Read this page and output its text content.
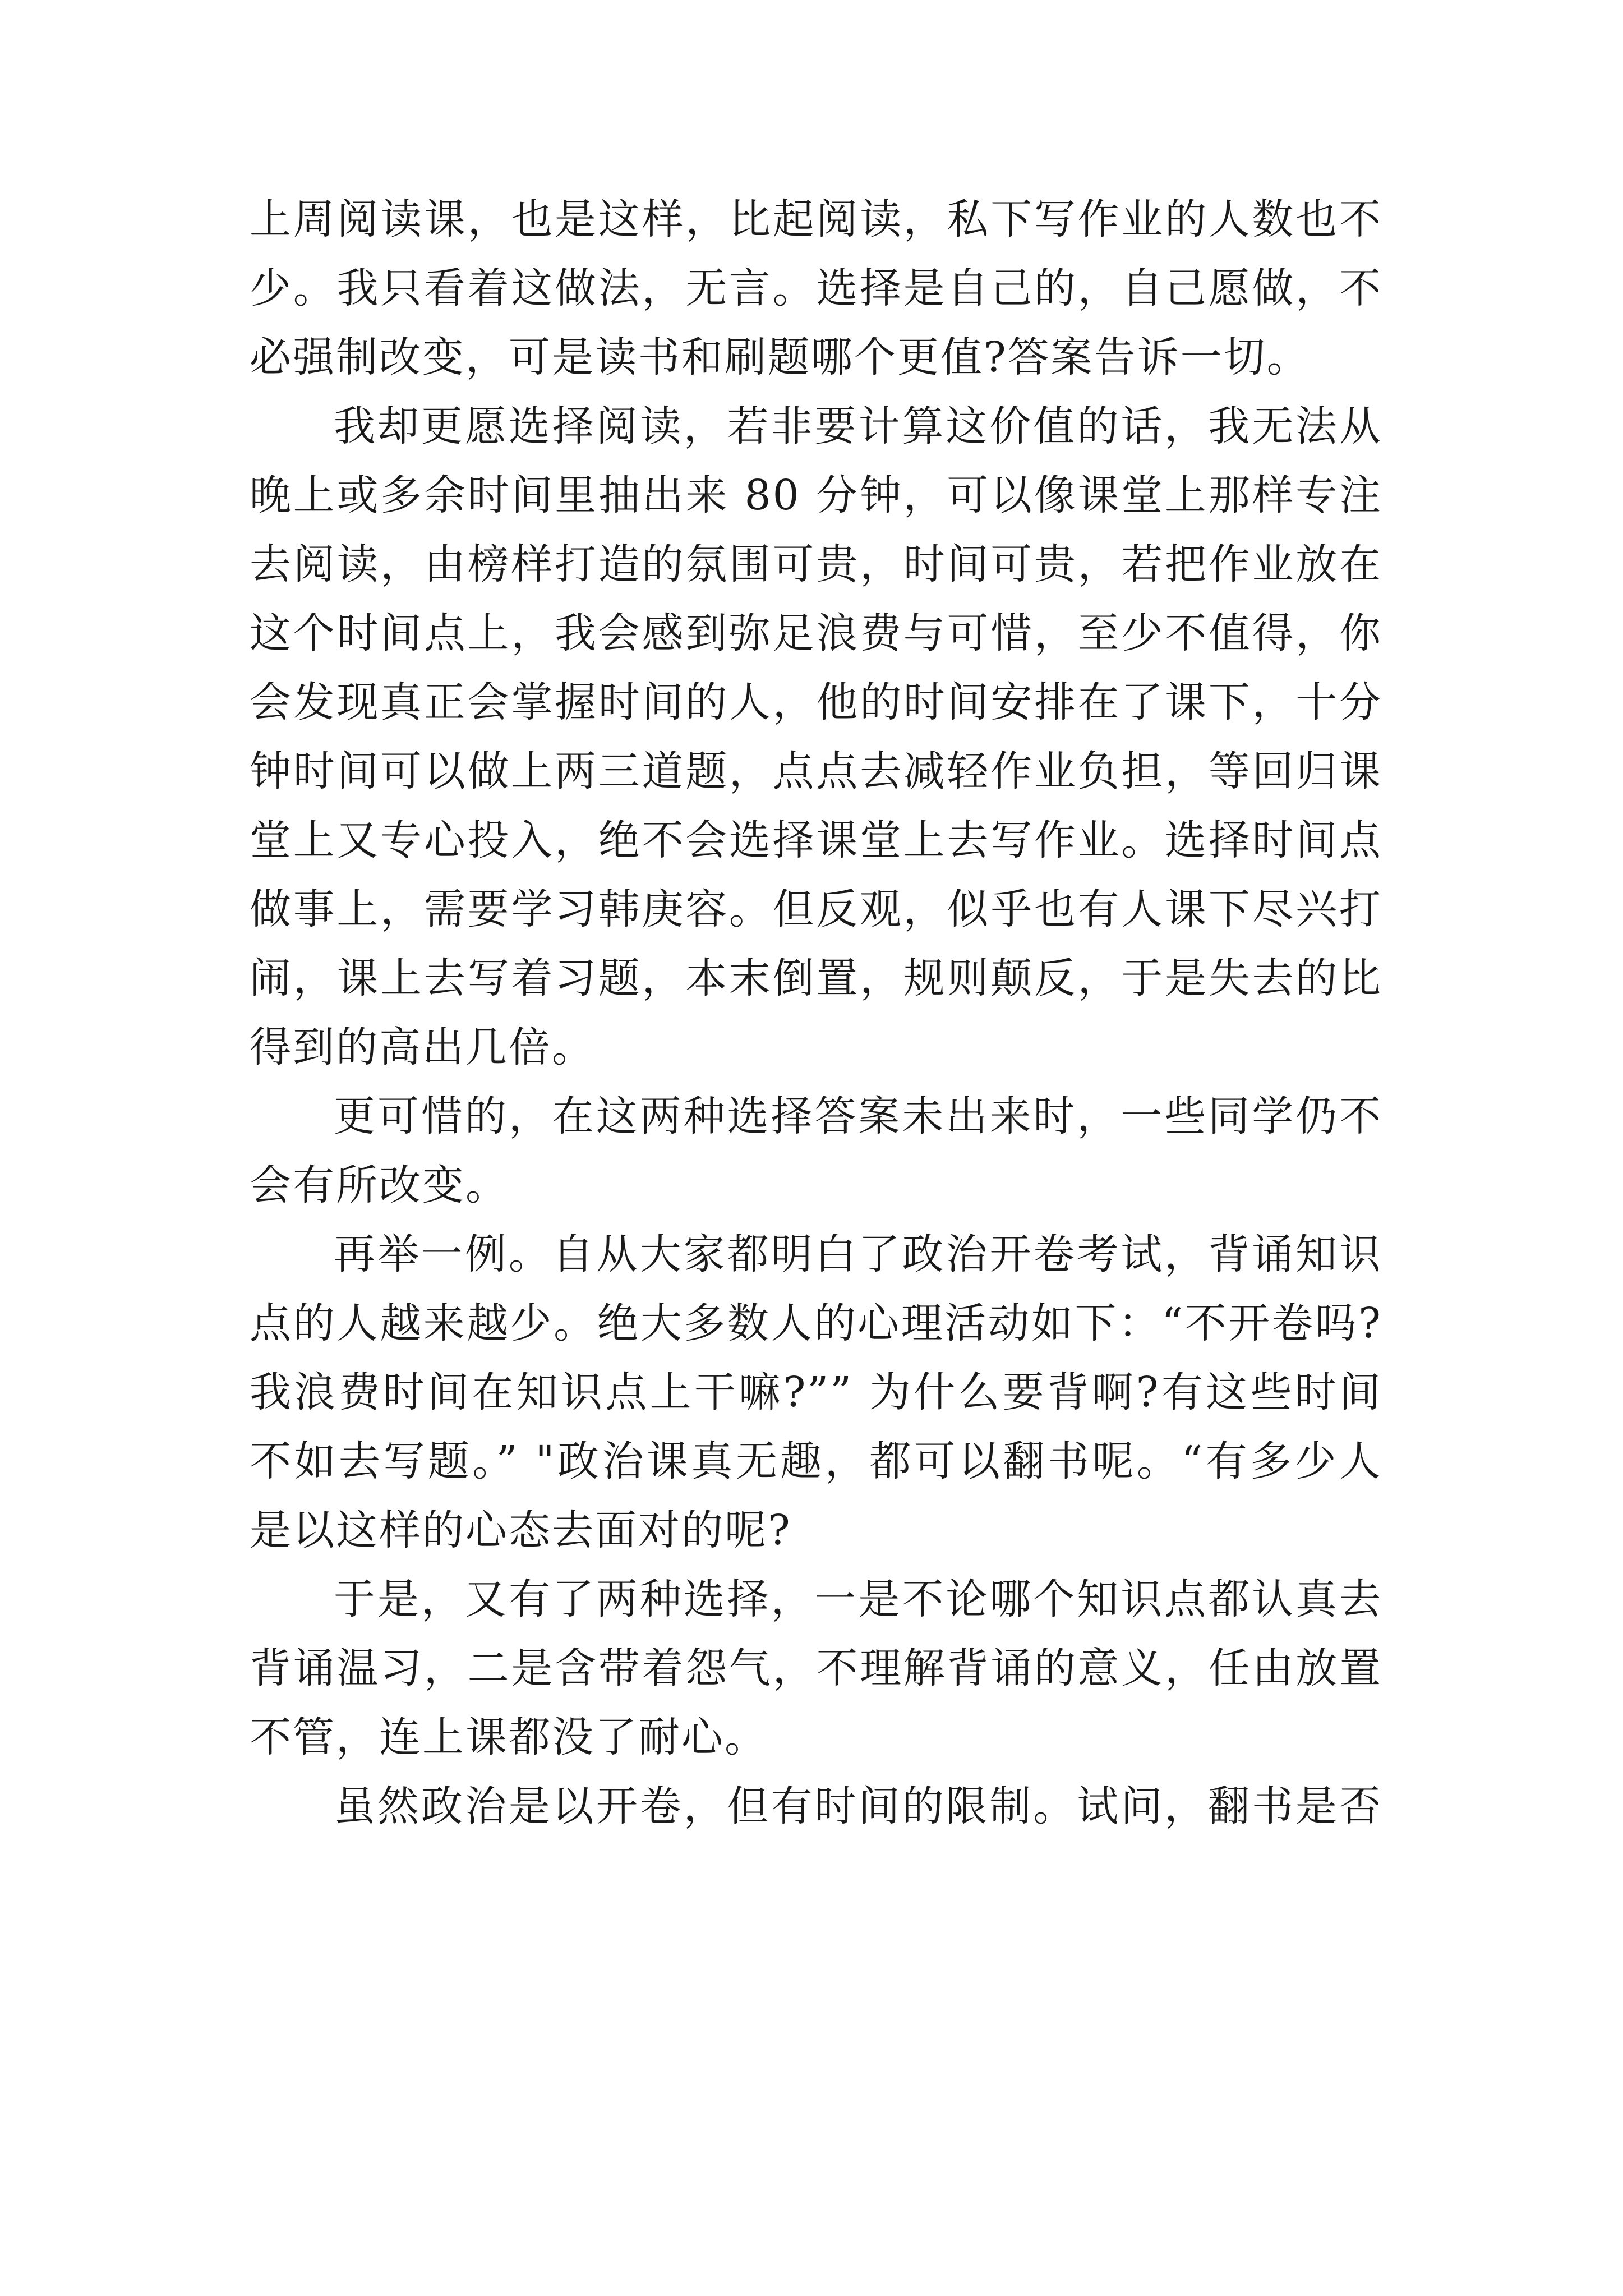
上周阅读课，也是这样，比起阅读，私下写作业的人数也不
少。我只看着这做法，无言。选择是自己的，自己愿做，不
必强制改变，可是读书和刷题哪个更值?答案告诉一切。
我却更愿选择阅读，若非要计算这价值的话，我无法从
晚上或多余时间里抽出来 80 分钟，可以像课堂上那样专注
去阅读，由榜样打造的氛围可贵，时间可贵，若把作业放在
这个时间点上，我会感到弥足浪费与可惜，至少不值得，你
会发现真正会掌握时间的人，他的时间安排在了课下，十分
钟时间可以做上两三道题，点点去减轻作业负担，等回归课
堂上又专心投入，绝不会选择课堂上去写作业。选择时间点
做事上，需要学习韩庚容。但反观，似乎也有人课下尽兴打
闹，课上去写着习题，本末倒置，规则颠反，于是失去的比
得到的高出几倍。
更可惜的，在这两种选择答案未出来时，一些同学仍不
会有所改变。
再举一例。自从大家都明白了政治开卷考试，背诵知识
点的人越来越少。绝大多数人的心理活动如下：“不开卷吗?
我浪费时间在知识点上干嘛?”” 为什么要背啊?有这些时间
不如去写题。” "政治课真无趣，都可以翻书呢。“有多少人
是以这样的心态去面对的呢?
于是，又有了两种选择，一是不论哪个知识点都认真去
背诵温习，二是含带着怨气，不理解背诵的意义，任由放置
不管，连上课都没了耐心。
虽然政治是以开卷，但有时间的限制。试问，翻书是否
